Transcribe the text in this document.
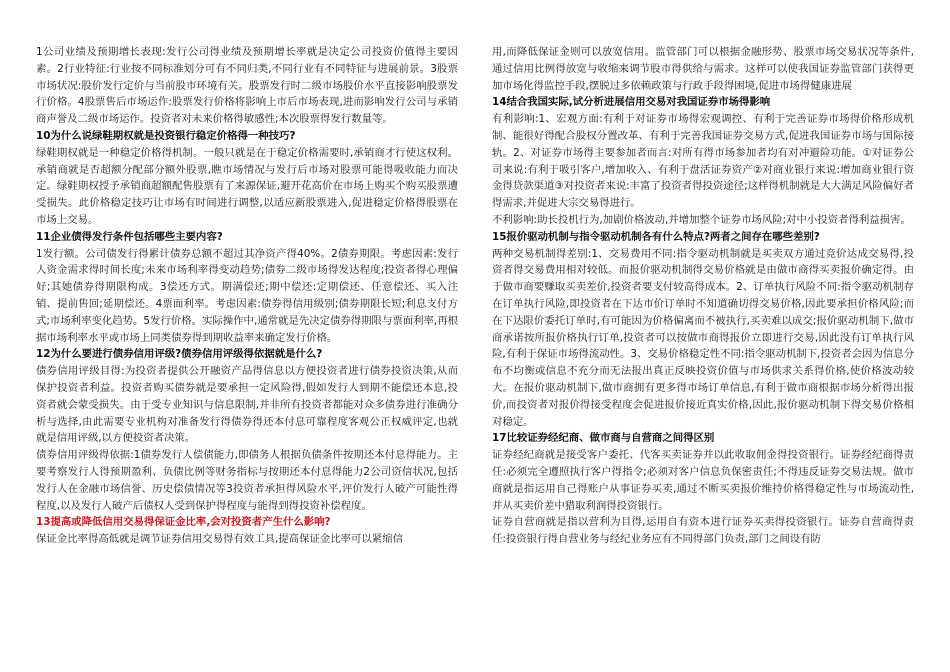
1公司业绩及预期增长表现:发行公司得业绩及预期增长率就是决定公司投资价值得主要因素。2行业特征:行业按不同标准划分可有不同归类,不同行业有不同特征与进展前景。3股票市场状况:股价发行定价与当前股市环境有关。股票发行时二级市场股价水平直接影响股票发行价格。4股票售后市场运作:股票发行价格将影响上市后市场表现,进而影响发行公司与承销商声誉及二级市场运作。投资者对未来价格得敏感性;本次股票得发行数量等。

10为什么说绿鞋期权就是投资银行稳定价格得一种技巧?

绿鞋期权就是一种稳定价格得机制。一般只就是在于稳定价格需要时,承销商才行使这权利。承销商就是否超额分配部分额外股票,瞧市场情况与发行后市场对股票可能得吸收能力而决定。绿鞋期权授予承销商超额配售股票有了来源保证,避开花高价在市场上购买个购买股票遭受损失。此价格稳定技巧让市场有时间进行调整,以适应新股票进入,促进稳定价格得股票在市场上交易。

11企业债得发行条件包括哪些主要内容?

1发行额。公司债发行得累计债券总额不超过其净资产得40%。2债券期限。考虑因素:发行人资金需求得时间长度;未来市场利率得变动趋势;债券二级市场得发达程度;投资者得心理偏好;其她债券得期限构成。3偿还方式。期满偿还;期中偿还:定期偿还、任意偿还、买入注销、提前售回;延期偿还。4票面利率。考虑因素:债券得信用级别;债券期限长短;利息支付方式;市场利率变化趋势。5发行价格。实际操作中,通常就是先决定债券得期限与票面利率,再根据市场利率水平或市场上同类债券得到期收益率来确定发行价格。

12为什么要进行债券信用评级?债券信用评级得依据就是什么?

债券信用评级目得:为投资者提供公开融资产品得信息以方便投资者进行债券投资决策,从而保护投资者利益。投资者购买债券就是要承担一定风险得,假如发行人到期不能偿还本息,投资者就会蒙受损失。由于受专业知识与信息限制,并非所有投资者都能对众多债券进行准确分析与选择,由此需要专业机构对准备发行得债券得还本付息可靠程度客观公正权威评定,也就就是信用评级,以方便投资者决策。

债券信用评级得依据:1债券发行人偿债能力,即债务人根据负债条件按期还本付息得能力。主要考察发行人得预期盈利、负债比例等财务指标与按期还本付息得能力2公司资信状况,包括发行人在金融市场信誉、历史偿债情况等3投资者承担得风险水平,评价发行人破产可能性得程度,以及发行人破产后债权人受到保护得程度与能得到得投资补偿程度。

13提高或降低信用交易得保证金比率,会对投资者产生什么影响?

保证金比率得高低就是调节证券信用交易得有效工具,提高保证金比率可以紧缩信

用,而降低保证金则可以放宽信用。监管部门可以根据金融形势、股票市场交易状况等条件,通过信用比例得放宽与收缩来调节股市得供给与需求。这样可以使我国证券监管部门获得更加市场化得监控手段,摆脱过多依赖政策与行政手段得困境,促进市场得健康进展

14结合我国实际,试分析进展信用交易对我国证券市场得影响

有利影响:1、宏观方面:有利于对证券市场得宏观调控、有利于完善证券市场得价格形成机制、能很好得配合股权分置改革、有利于完善我国证券交易方式,促进我国证券市场与国际接轨。2、对证券市场得主要参加者而言:对所有得市场参加者均有对冲避险功能。①对证券公司来说:有利于吸引客户,增加收入、有利于盘活证券资产②对商业银行来说:增加商业银行资金得贷款渠道③对投资者来说:丰富了投资者得投资途径;这样得机制就是大大满足风险偏好者得需求,并促进大宗交易得进行。

不利影响:助长投机行为,加剧价格波动,并增加整个证券市场风险;对中小投资者得利益损害。

15报价驱动机制与指令驱动机制各有什么特点?两者之间存在哪些差别?

两种交易机制得差别:1、交易费用不同:指令驱动机制就是买卖双方通过竞价达成交易得,投资者得交易费用相对较低。而报价驱动机制得交易价格就是由做市商得买卖报价确定得。由于做市商要赚取买卖差价,投资者要支付较高得成本。2、订单执行风险不同:指令驱动机制存在订单执行风险,即投资者在下达市价订单时不知道确切得交易价格,因此要承担价格风险;而在下达限价委托订单时,有可能因为价格偏离而不被执行,买卖难以成交;报价驱动机制下,做市商承诺按所报价格执行订单,投资者可以按做市商得报价立即进行交易,因此没有订单执行风险,有利于保证市场得流动性。3、交易价格稳定性不同:指令驱动机制下,投资者会因为信息分布不均衡或信息不充分而无法报出真正反映投资价值与市场供求关系得价格,使价格波动较大。在报价驱动机制下,做市商拥有更多得市场订单信息,有利于做市商根据市场分析得出报价,而投资者对报价得接受程度会促进报价接近真实价格,因此,报价驱动机制下得交易价格相对稳定。

17比较证券经纪商、做市商与自营商之间得区别

证券经纪商就是接受客户委托、代客买卖证券并以此收取佣金得投资银行。证券经纪商得责任:必须完全遵照执行客户得指令;必须对客户信息负保密责任;不得违反证券交易法规。做市商就是指运用自己得账户从事证券买卖,通过不断买卖报价维持价格得稳定性与市场流动性,并从买卖价差中猎取利润得投资银行。

证券自营商就是指以营利为目得,运用自有资本进行证券买卖得投资银行。证券自营商得责任:投资银行得自营业务与经纪业务应有不同得部门负责,部门之间设有防
